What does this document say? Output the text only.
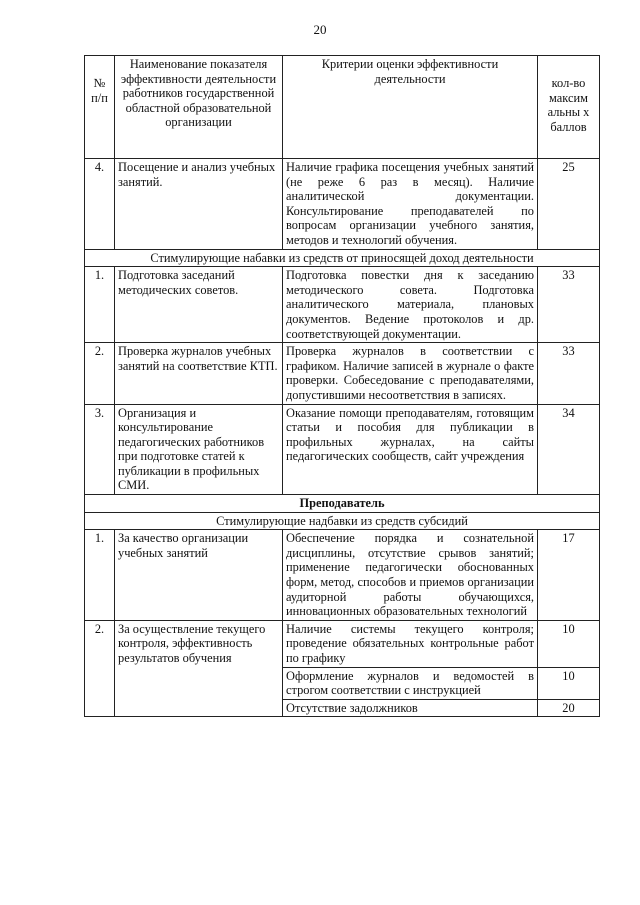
20
№ п/п	Наименование показателя эффективности деятельности работников государственной областной образовательной организации	Критерии оценки эффективности деятельности	кол-во максим альны х баллов
4.	Посещение и анализ учебных занятий.	Наличие графика посещения учебных занятий (не реже 6 раз в месяц). Наличие аналитической документации. Консультирование преподавателей по вопросам организации учебного занятия, методов и технологий обучения.	25
Стимулирующие набавки из средств от приносящей доход деятельности			
1.	Подготовка заседаний методических советов.	Подготовка повестки дня к заседанию методического совета. Подготовка аналитического материала, плановых документов. Ведение протоколов и др. соответствующей документации.	33
2.	Проверка журналов учебных занятий на соответствие КТП.	Проверка журналов в соответствии с графиком. Наличие записей в журнале о факте проверки. Собеседование с преподавателями, допустившими несоответствия в записях.	33
3.	Организация и консультирование педагогических работников при подготовке статей к публикации в профильных СМИ.	Оказание помощи преподавателям, готовящим статьи и пособия для публикации в профильных журналах, на сайты педагогических сообществ, сайт учреждения	34
Преподаватель			
Стимулирующие надбавки из средств субсидий			
1.	За качество организации учебных занятий	Обеспечение порядка и сознательной дисциплины, отсутствие срывов занятий; применение педагогически обоснованных форм, метод, способов и приемов организации аудиторной работы обучающихся, инновационных образовательных технологий	17
2.	За осуществление текущего контроля, эффективность результатов обучения	Наличие системы текущего контроля; проведение обязательных контрольные работ по графику	10
		Оформление журналов и ведомостей в строгом соответствии с инструкцией	10
		Отсутствие задолжников	20
